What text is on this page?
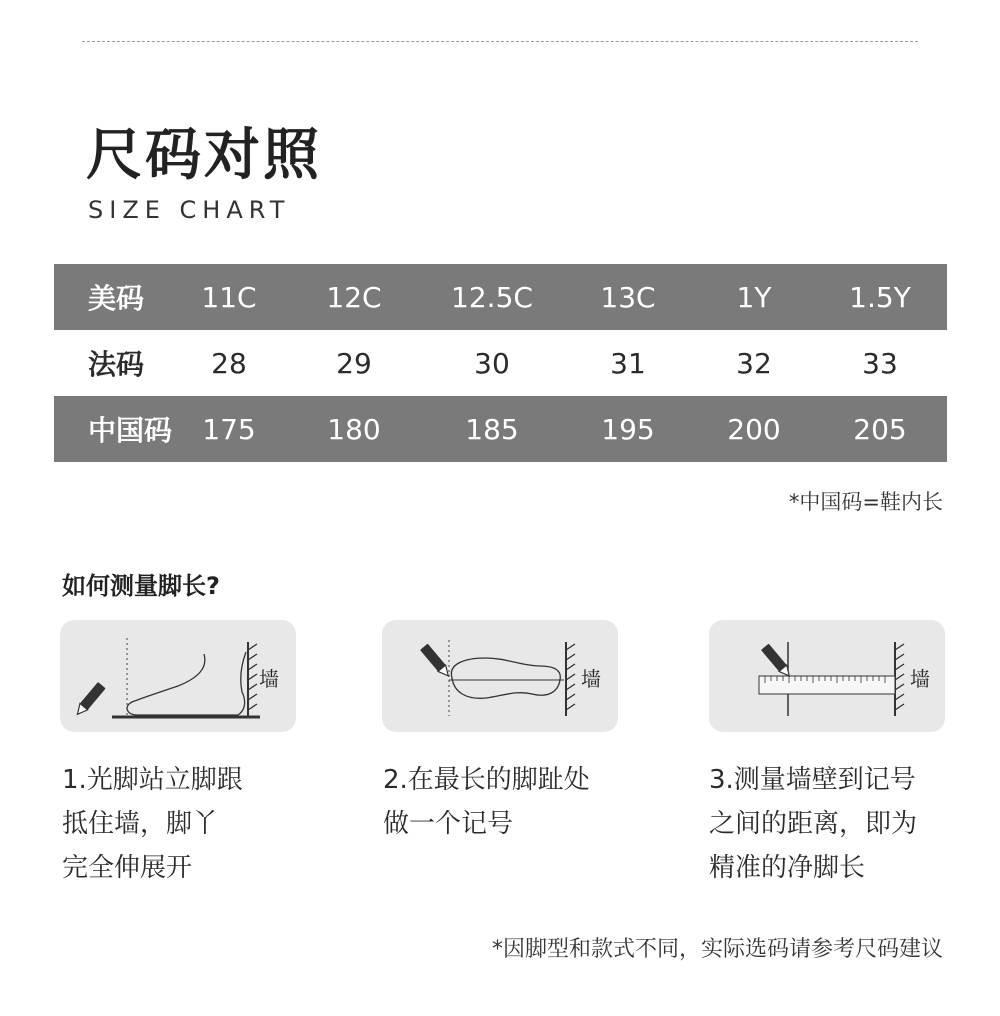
尺码对照
SIZE CHART
美码 11C 12C 12.5C 13C	1Y	1.5Y
法码 28	29	30	31	32	33
中国码 175	180	185	195	200	205
*中国码=鞋内长
如何测量脚长?
墙	墙	墙
1.光脚站立脚跟
抵住墙，脚丫
完全伸展开
2.在最长的脚趾处
做一个记号
3.测量墙壁到记号
之间的距离，即为
精准的净脚长
*因脚型和款式不同，实际选码请参考尺码建议
